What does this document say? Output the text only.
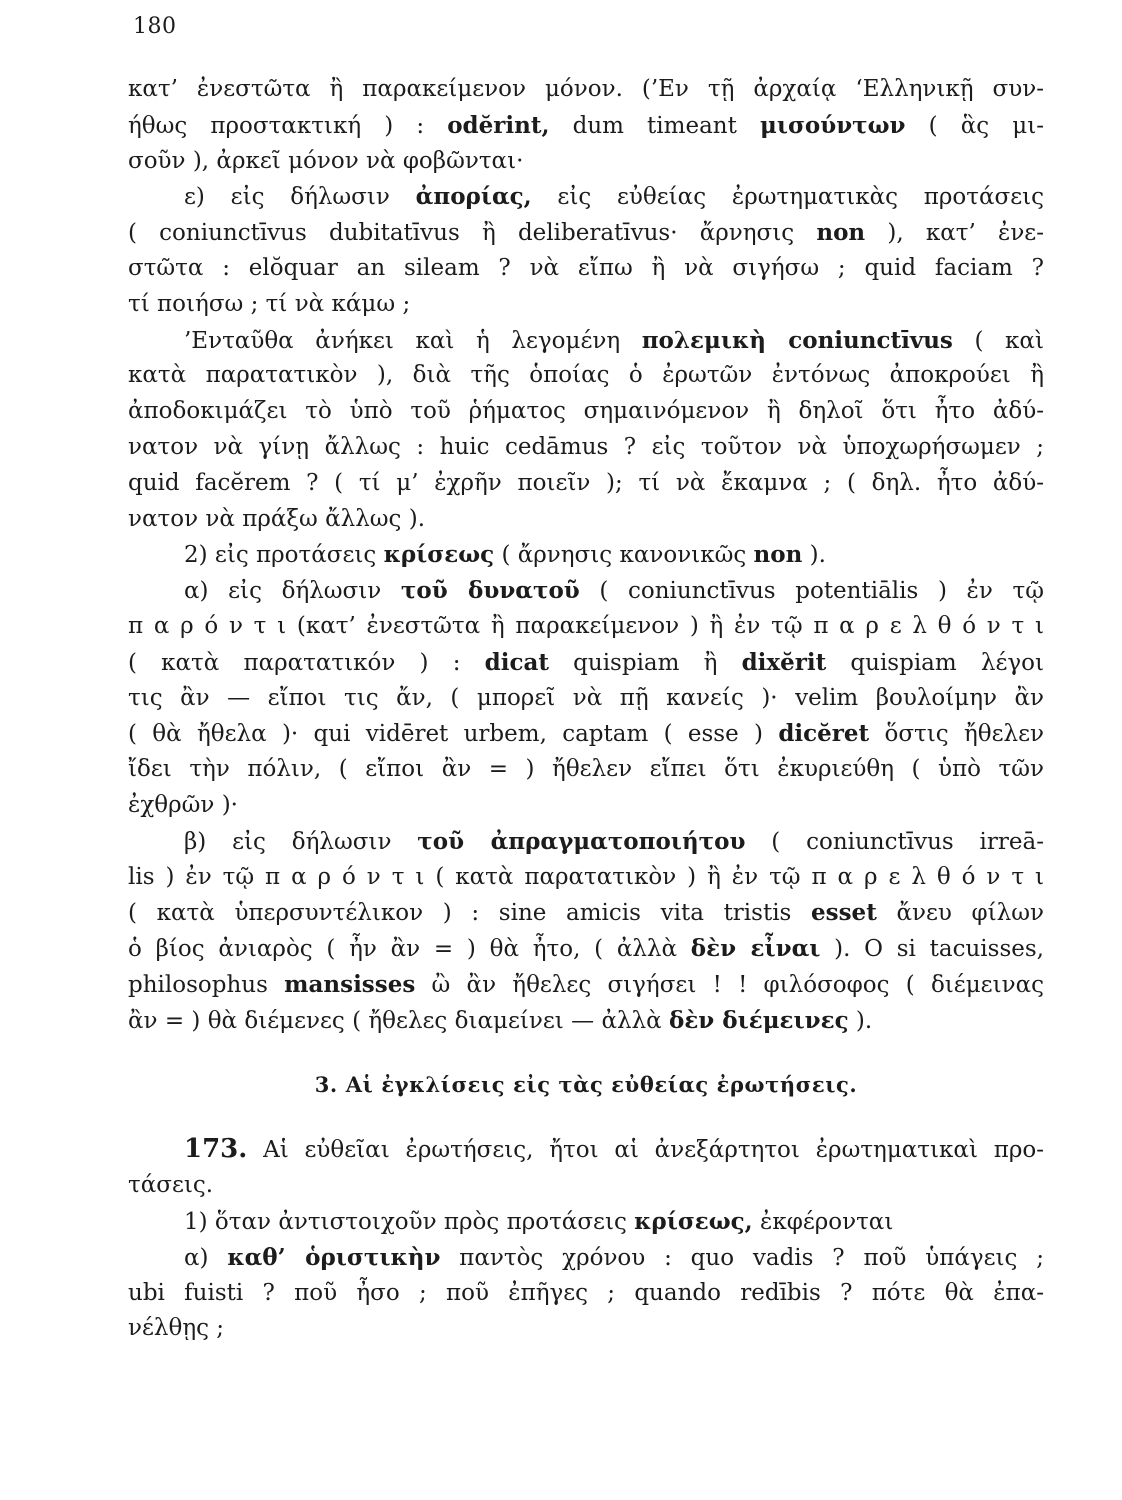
180
κατ’ ἐνεστῶτα ἢ παρακείμενον μόνον. (’Εν τῇ ἀρχαίᾳ ‘Ελληνικῇ συν-
ήθως προστακτική ) : odĕrint, dum timeant μισούντων ( ἃς μι-
σοῦν ), ἀρκεῖ μόνον νὰ φοβῶνται·
ε) εἰς δήλωσιν ἀπορίας, εἰς εὐθείας ἐρωτηματικὰς προτάσεις
( coniunctīvus dubitatīvus ἢ deliberatīvus· ἄρνησις non ), κατ’ ἐνε-
στῶτα : elŏquar an sileam ? νὰ εἴπω ἢ νὰ σιγήσω ; quid faciam ?
τί ποιήσω ; τί νὰ κάμω ;
’Ενταῦθα ἀνήκει καὶ ἡ λεγομένη πολεμικὴ coniunctīvus ( καὶ
κατὰ παρατατικὸν ), διὰ τῆς ὁποίας ὁ ἐρωτῶν ἐντόνως ἀποκρούει ἢ
ἀποδοκιμάζει τὸ ὑπὸ τοῦ ῥήματος σημαινόμενον ἢ δηλοῖ ὅτι ἦτο ἀδύ-
νατον νὰ γίνῃ ἄλλως : huic cedāmus ? εἰς τοῦτον νὰ ὑποχωρήσωμεν ;
quid facĕrem ? ( τί μ’ ἐχρῆν ποιεῖν ); τί νὰ ἔκαμνα ; ( δηλ. ἦτο ἀδύ-
νατον νὰ πράξω ἄλλως ).
2) εἰς προτάσεις κρίσεως ( ἄρνησις κανονικῶς non ).
α) εἰς δήλωσιν τοῦ δυνατοῦ ( coniunctīvus potentiālis ) ἐν τῷ
π α ρ ό ν τ ι (κατ’ ἐνεστῶτα ἢ παρακείμενον ) ἢ ἐν τῷ π α ρ ε λ θ ό ν τ ι
( κατὰ παρατατικόν ) : dicat quispiam ἢ dixĕrit quispiam λέγοι
τις ἂν — εἴποι τις ἄν, ( μπορεῖ νὰ πῇ κανείς )· velim βουλοίμην ἂν
( θὰ ἤθελα )· qui vidēret urbem, captam ( esse ) dicĕret ὅστις ἤθελεν
ἴδει τὴν πόλιν, ( εἴποι ἂν = ) ἤθελεν εἴπει ὅτι ἐκυριεύθη ( ὑπὸ τῶν
ἐχθρῶν )·
β) εἰς δήλωσιν τοῦ ἀπραγματοποιήτου ( coniunctīvus irreā-
lis ) ἐν τῷ π α ρ ό ν τ ι ( κατὰ παρατατικὸν ) ἢ ἐν τῷ π α ρ ε λ θ ό ν τ ι
( κατὰ ὑπερσυντέλικον ) : sine amicis vita tristis esset ἄνευ φίλων
ὁ βίος ἀνιαρὸς ( ἦν ἂν = ) θὰ ἦτο, ( ἀλλὰ δὲν εἶναι ). O si tacuisses,
philosophus mansisses ὢ ἂν ἤθελες σιγήσει ! ! φιλόσοφος ( διέμεινας
ἂν = ) θὰ διέμενες ( ἤθελες διαμείνει — ἀλλὰ δὲν διέμεινες ).
3. Αἱ ἐγκλίσεις εἰς τὰς εὐθείας ἐρωτήσεις.
173. Αἱ εὐθεῖαι ἐρωτήσεις, ἤτοι αἱ ἀνεξάρτητοι ἐρωτηματικαὶ προ-
τάσεις.
1) ὅταν ἀντιστοιχοῦν πρὸς προτάσεις κρίσεως, ἐκφέρονται
α) καθ’ ὁριστικὴν παντὸς χρόνου : quo vadis ? ποῦ ὑπάγεις ;
ubi fuisti ? ποῦ ἦσο ; ποῦ ἐπῆγες ; quando redībis ? πότε θὰ ἐπα-
νέλθῃς ;
